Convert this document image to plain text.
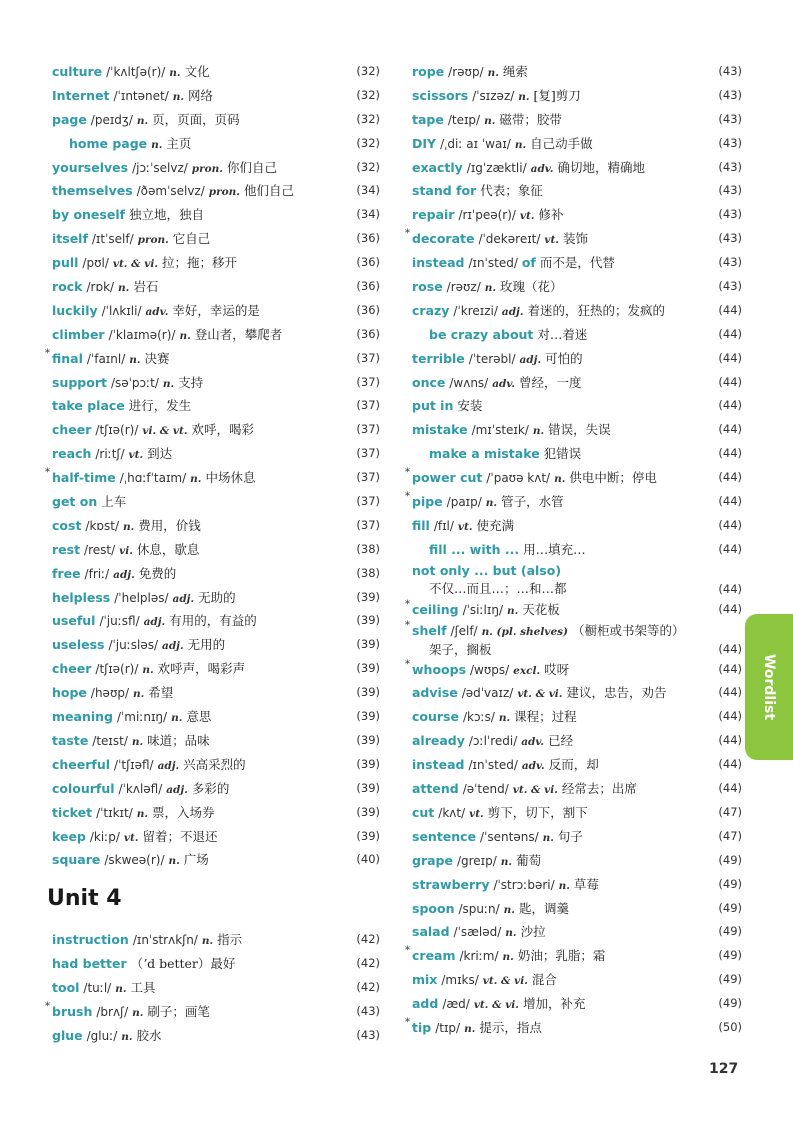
culture /ˈkʌltʃə(r)/ n. 文化	(32)
Internet /ˈɪntənet/ n. 网络	(32)
page /peɪdʒ/ n. 页，页面，页码	(32)
home page n. 主页	(32)
yourselves /jɔːˈselvz/ pron. 你们自己	(32)
themselves /ðəmˈselvz/ pron. 他们自己	(34)
by oneself 独立地，独自	(34)
itself /ɪtˈself/ pron. 它自己	(36)
pull /pʊl/ vt. & vi. 拉；拖；移开	(36)
rock /rɒk/ n. 岩石	(36)
luckily /ˈlʌkɪli/ adv. 幸好，幸运的是	(36)
climber /ˈklaɪmə(r)/ n. 登山者，攀爬者	(36)
* final /ˈfaɪnl/ n. 决赛	(37)
support /səˈpɔːt/ n. 支持	(37)
take place 进行，发生	(37)
cheer /tʃɪə(r)/ vi. & vt. 欢呼，喝彩	(37)
reach /riːtʃ/ vt. 到达	(37)
* half-time /ˌhɑːfˈtaɪm/ n. 中场休息	(37)
get on 上车	(37)
cost /kɒst/ n. 费用，价钱	(37)
rest /rest/ vi. 休息，歇息	(38)
free /friː/ adj. 免费的	(38)
helpless /ˈhelpləs/ adj. 无助的	(39)
useful /ˈjuːsfl/ adj. 有用的，有益的	(39)
useless /ˈjuːsləs/ adj. 无用的	(39)
cheer /tʃɪə(r)/ n. 欢呼声，喝彩声	(39)
hope /həʊp/ n. 希望	(39)
meaning /ˈmiːnɪŋ/ n. 意思	(39)
taste /teɪst/ n. 味道；品味	(39)
cheerful /ˈtʃɪəfl/ adj. 兴高采烈的	(39)
colourful /ˈkʌləfl/ adj. 多彩的	(39)
ticket /ˈtɪkɪt/ n. 票，入场券	(39)
keep /kiːp/ vt. 留着；不退还	(39)
square /skweə(r)/ n. 广场	(40)
Unit 4
instruction /ɪnˈstrʌkʃn/ n. 指示	(42)
had better （ʼd better）最好	(42)
tool /tuːl/ n. 工具	(42)
* brush /brʌʃ/ n. 刷子；画笔	(43)
glue /gluː/ n. 胶水	(43)
rope /rəʊp/ n. 绳索	(43)
scissors /ˈsɪzəz/ n. [复]剪刀	(43)
tape /teɪp/ n. 磁带；胶带	(43)
DIY /ˌdiː aɪ ˈwaɪ/ n. 自己动手做	(43)
exactly /ɪgˈzæktli/ adv. 确切地，精确地	(43)
stand for 代表；象征	(43)
repair /rɪˈpeə(r)/ vt. 修补	(43)
* decorate /ˈdekəreɪt/ vt. 装饰	(43)
instead /ɪnˈsted/ of 而不是，代替	(43)
rose /rəʊz/ n. 玫瑰（花）	(43)
crazy /ˈkreɪzi/ adj. 着迷的，狂热的；发疯的	(44)
be crazy about 对…着迷	(44)
terrible /ˈterəbl/ adj. 可怕的	(44)
once /wʌns/ adv. 曾经，一度	(44)
put in 安装	(44)
mistake /mɪˈsteɪk/ n. 错误，失误	(44)
make a mistake 犯错误	(44)
* power cut /ˈpaʊə kʌt/ n. 供电中断；停电	(44)
* pipe /paɪp/ n. 管子，水管	(44)
fill /fɪl/ vt. 使充满	(44)
fill ... with ... 用…填充…	(44)
not only ... but (also)
不仅…而且…；…和…都	(44)
* ceiling /ˈsiːlɪŋ/ n. 天花板	(44)
* shelf /ʃelf/ n. (pl. shelves) （橱柜或书架等的）
架子，搁板	(44)
* whoops /wʊps/ excl. 哎呀	(44)
advise /ədˈvaɪz/ vt. & vi. 建议，忠告，劝告	(44)
course /kɔːs/ n. 课程；过程	(44)
already /ɔːlˈredi/ adv. 已经	(44)
instead /ɪnˈsted/ adv. 反而，却	(44)
attend /əˈtend/ vt. & vi. 经常去；出席	(44)
cut /kʌt/ vt. 剪下，切下，割下	(47)
sentence /ˈsentəns/ n. 句子	(47)
grape /greɪp/ n. 葡萄	(49)
strawberry /ˈstrɔːbəri/ n. 草莓	(49)
spoon /spuːn/ n. 匙，调羹	(49)
salad /ˈsæləd/ n. 沙拉	(49)
* cream /kriːm/ n. 奶油；乳脂；霜	(49)
mix /mɪks/ vt. & vi. 混合	(49)
add /æd/ vt. & vi. 增加，补充	(49)
* tip /tɪp/ n. 提示，指点	(50)
Wordlist
127
